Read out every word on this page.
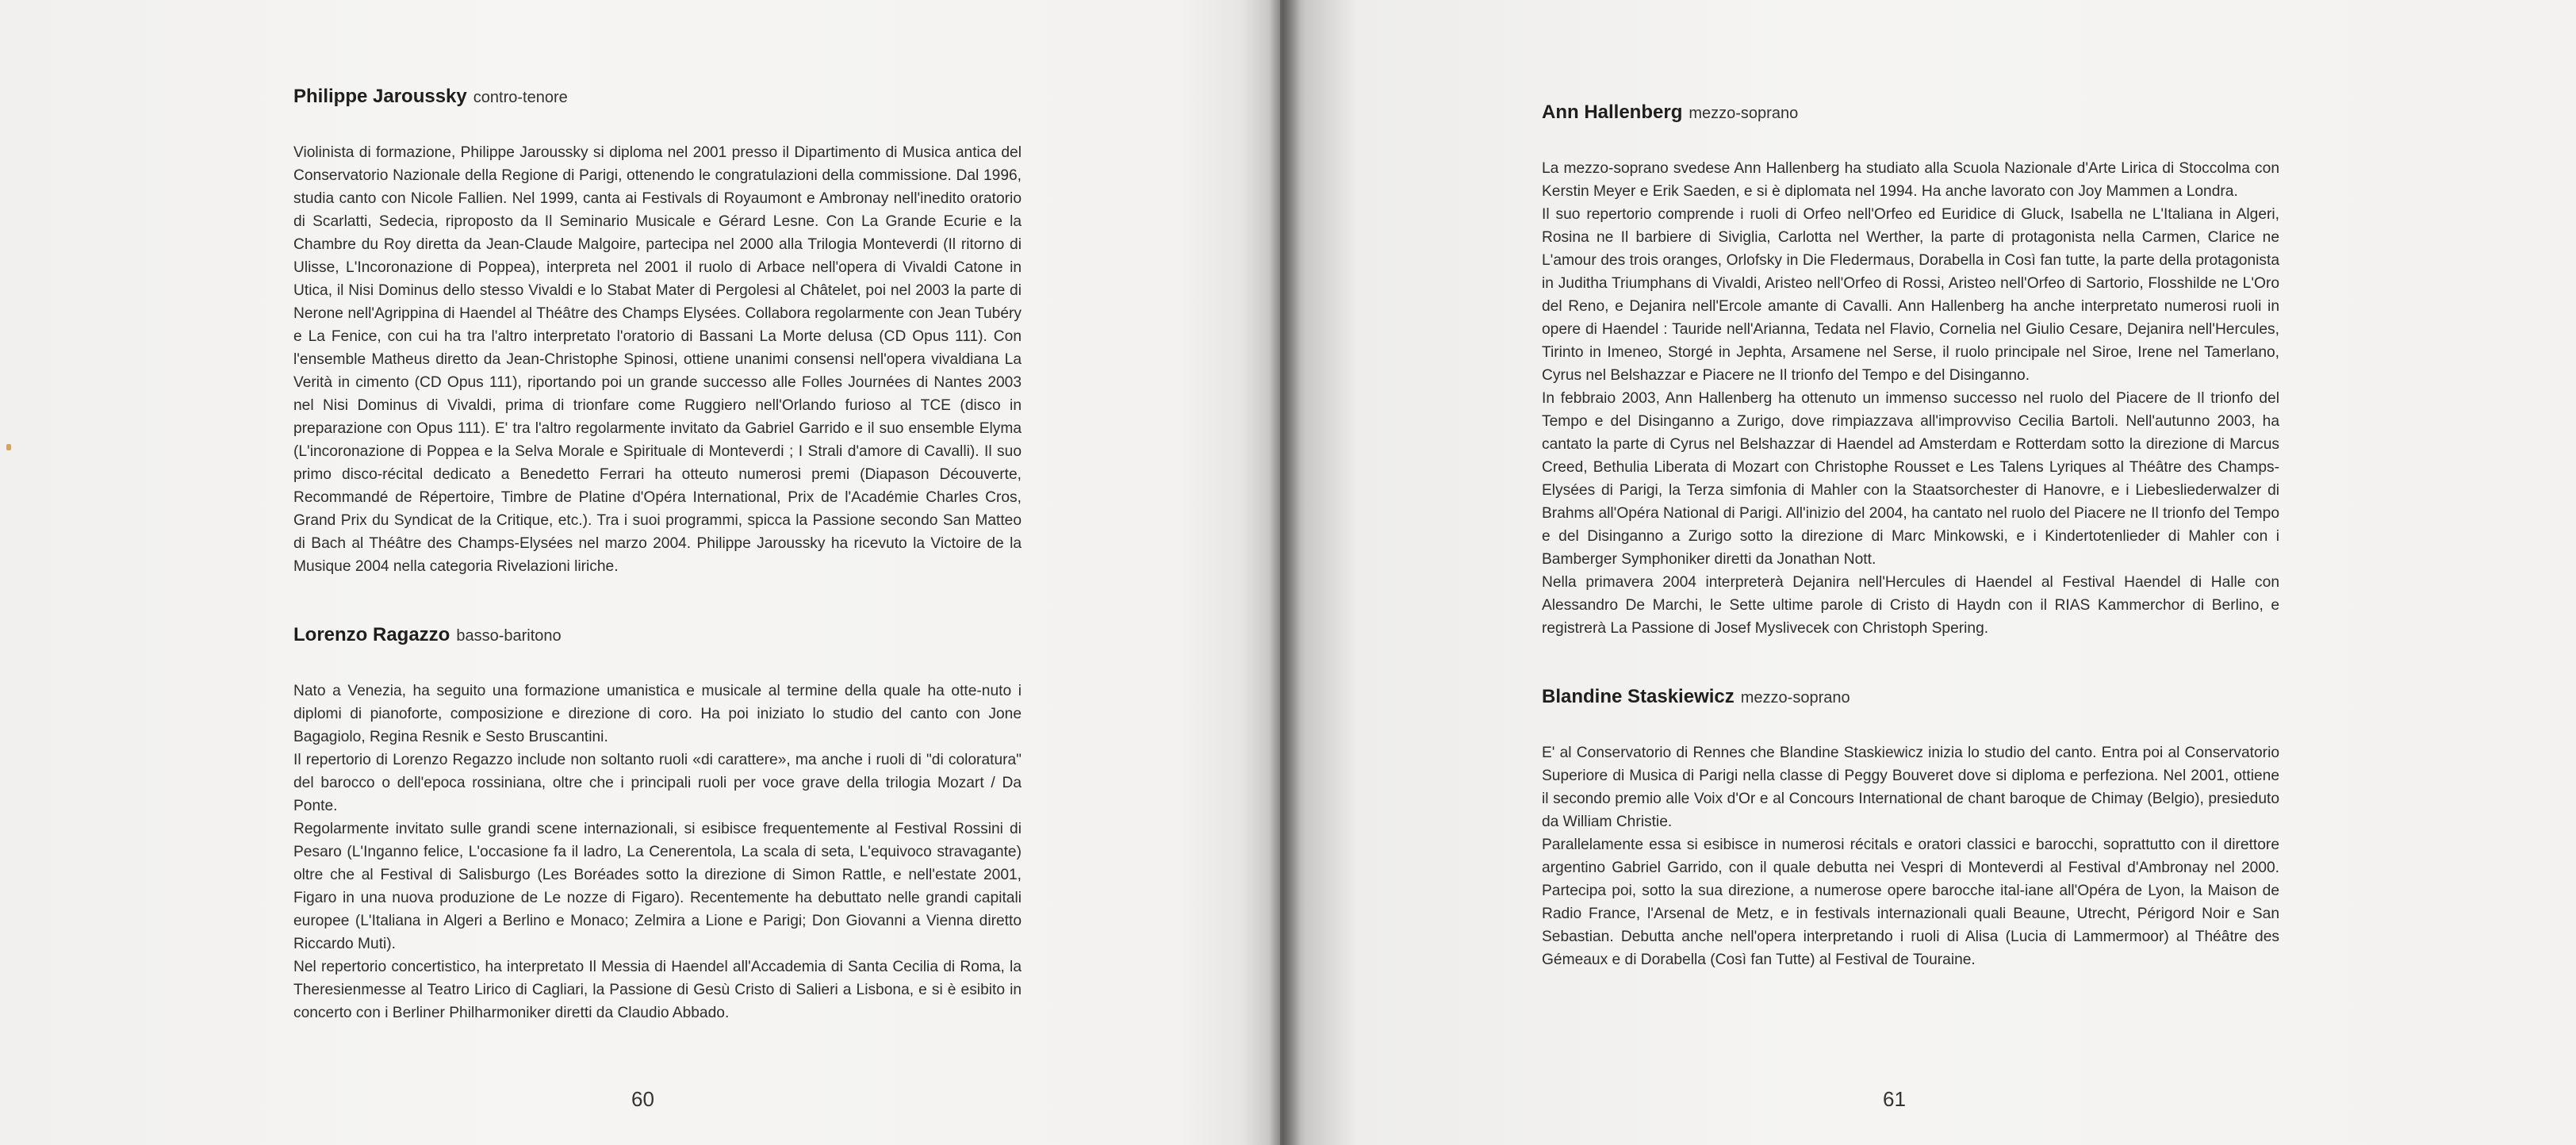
Philippe Jaroussky contro-tenore

Violinista di formazione, Philippe Jaroussky si diploma nel 2001 presso il Dipartimento di Musica antica del Conservatorio Nazionale della Regione di Parigi, ottenendo le congratulazioni della commissione. Dal 1996, studia canto con Nicole Fallien. Nel 1999, canta ai Festivals di Royaumont e Ambronay nell'inedito oratorio di Scarlatti, Sedecia, riproposto da Il Seminario Musicale e Gérard Lesne. Con La Grande Ecurie e la Chambre du Roy diretta da Jean-Claude Malgoire, partecipa nel 2000 alla Trilogia Monteverdi (Il ritorno di Ulisse, L'Incoronazione di Poppea), interpreta nel 2001 il ruolo di Arbace nell'opera di Vivaldi Catone in Utica, il Nisi Dominus dello stesso Vivaldi e lo Stabat Mater di Pergolesi al Châtelet, poi nel 2003 la parte di Nerone nell'Agrippina di Haendel al Théâtre des Champs Elysées. Collabora regolarmente con Jean Tubéry e La Fenice, con cui ha tra l'altro interpretato l'oratorio di Bassani La Morte delusa (CD Opus 111). Con l'ensemble Matheus diretto da Jean-Christophe Spinosi, ottiene unanimi consensi nell'opera vivaldiana La Verità in cimento (CD Opus 111), riportando poi un grande successo alle Folles Journées di Nantes 2003 nel Nisi Dominus di Vivaldi, prima di trionfare come Ruggiero nell'Orlando furioso al TCE (disco in preparazione con Opus 111). E' tra l'altro regolarmente invitato da Gabriel Garrido e il suo ensemble Elyma (L'incoronazione di Poppea e la Selva Morale e Spirituale di Monteverdi ; I Strali d'amore di Cavalli). Il suo primo disco-récital dedicato a Benedetto Ferrari ha otteuto numerosi premi (Diapason Découverte, Recommandé de Répertoire, Timbre de Platine d'Opéra International, Prix de l'Académie Charles Cros, Grand Prix du Syndicat de la Critique, etc.). Tra i suoi programmi, spicca la Passione secondo San Matteo di Bach al Théâtre des Champs-Elysées nel marzo 2004. Philippe Jaroussky ha ricevuto la Victoire de la Musique 2004 nella categoria Rivelazioni liriche.

Lorenzo Ragazzo basso-baritono

Nato a Venezia, ha seguito una formazione umanistica e musicale al termine della quale ha otte-nuto i diplomi di pianoforte, composizione e direzione di coro. Ha poi iniziato lo studio del canto con Jone Bagagiolo, Regina Resnik e Sesto Bruscantini.

Il repertorio di Lorenzo Regazzo include non soltanto ruoli «di carattere», ma anche i ruoli di "di coloratura" del barocco o dell'epoca rossiniana, oltre che i principali ruoli per voce grave della trilogia Mozart / Da Ponte.

Regolarmente invitato sulle grandi scene internazionali, si esibisce frequentemente al Festival Rossini di Pesaro (L'Inganno felice, L'occasione fa il ladro, La Cenerentola, La scala di seta, L'equivoco stravagante) oltre che al Festival di Salisburgo (Les Boréades sotto la direzione di Simon Rattle, e nell'estate 2001, Figaro in una nuova produzione de Le nozze di Figaro). Recentemente ha debuttato nelle grandi capitali europee (L'Italiana in Algeri a Berlino e Monaco; Zelmira a Lione e Parigi; Don Giovanni a Vienna diretto Riccardo Muti).

Nel repertorio concertistico, ha interpretato Il Messia di Haendel all'Accademia di Santa Cecilia di Roma, la Theresienmesse al Teatro Lirico di Cagliari, la Passione di Gesù Cristo di Salieri a Lisbona, e si è esibito in concerto con i Berliner Philharmoniker diretti da Claudio Abbado.

60
Ann Hallenberg mezzo-soprano

La mezzo-soprano svedese Ann Hallenberg ha studiato alla Scuola Nazionale d'Arte Lirica di Stoccolma con Kerstin Meyer e Erik Saeden, e si è diplomata nel 1994. Ha anche lavorato con Joy Mammen a Londra.

Il suo repertorio comprende i ruoli di Orfeo nell'Orfeo ed Euridice di Gluck, Isabella ne L'Italiana in Algeri, Rosina ne Il barbiere di Siviglia, Carlotta nel Werther, la parte di protagonista nella Carmen, Clarice ne L'amour des trois oranges, Orlofsky in Die Fledermaus, Dorabella in Così fan tutte, la parte della protagonista in Juditha Triumphans di Vivaldi, Aristeo nell'Orfeo di Rossi, Aristeo nell'Orfeo di Sartorio, Flosshilde ne L'Oro del Reno, e Dejanira nell'Ercole amante di Cavalli. Ann Hallenberg ha anche interpretato numerosi ruoli in opere di Haendel : Tauride nell'Arianna, Tedata nel Flavio, Cornelia nel Giulio Cesare, Dejanira nell'Hercules, Tirinto in Imeneo, Storgé in Jephta, Arsamene nel Serse, il ruolo principale nel Siroe, Irene nel Tamerlano, Cyrus nel Belshazzar e Piacere ne Il trionfo del Tempo e del Disinganno.

In febbraio 2003, Ann Hallenberg ha ottenuto un immenso successo nel ruolo del Piacere de Il trionfo del Tempo e del Disinganno a Zurigo, dove rimpiazzava all'improvviso Cecilia Bartoli. Nell'autunno 2003, ha cantato la parte di Cyrus nel Belshazzar di Haendel ad Amsterdam e Rotterdam sotto la direzione di Marcus Creed, Bethulia Liberata di Mozart con Christophe Rousset e Les Talens Lyriques al Théâtre des Champs-Elysées di Parigi, la Terza simfonia di Mahler con la Staatsorchester di Hanovre, e i Liebesliederwalzer di Brahms all'Opéra National di Parigi. All'inizio del 2004, ha cantato nel ruolo del Piacere ne Il trionfo del Tempo e del Disinganno a Zurigo sotto la direzione di Marc Minkowski, e i Kindertotenlieder di Mahler con i Bamberger Symphoniker diretti da Jonathan Nott.

Nella primavera 2004 interpreterà Dejanira nell'Hercules di Haendel al Festival Haendel di Halle con Alessandro De Marchi, le Sette ultime parole di Cristo di Haydn con il RIAS Kammerchor di Berlino, e registrerà La Passione di Josef Myslivecek con Christoph Spering.

Blandine Staskiewicz mezzo-soprano

E' al Conservatorio di Rennes che Blandine Staskiewicz inizia lo studio del canto. Entra poi al Conservatorio Superiore di Musica di Parigi nella classe di Peggy Bouveret dove si diploma e perfeziona. Nel 2001, ottiene il secondo premio alle Voix d'Or e al Concours International de chant baroque de Chimay (Belgio), presieduto da William Christie.

Parallelamente essa si esibisce in numerosi récitals e oratori classici e barocchi, soprattutto con il direttore argentino Gabriel Garrido, con il quale debutta nei Vespri di Monteverdi al Festival d'Ambronay nel 2000. Partecipa poi, sotto la sua direzione, a numerose opere barocche ital-iane all'Opéra de Lyon, la Maison de Radio France, l'Arsenal de Metz, e in festivals internazionali quali Beaune, Utrecht, Périgord Noir e San Sebastian. Debutta anche nell'opera interpretando i ruoli di Alisa (Lucia di Lammermoor) al Théâtre des Gémeaux e di Dorabella (Così fan Tutte) al Festival de Touraine.

61
